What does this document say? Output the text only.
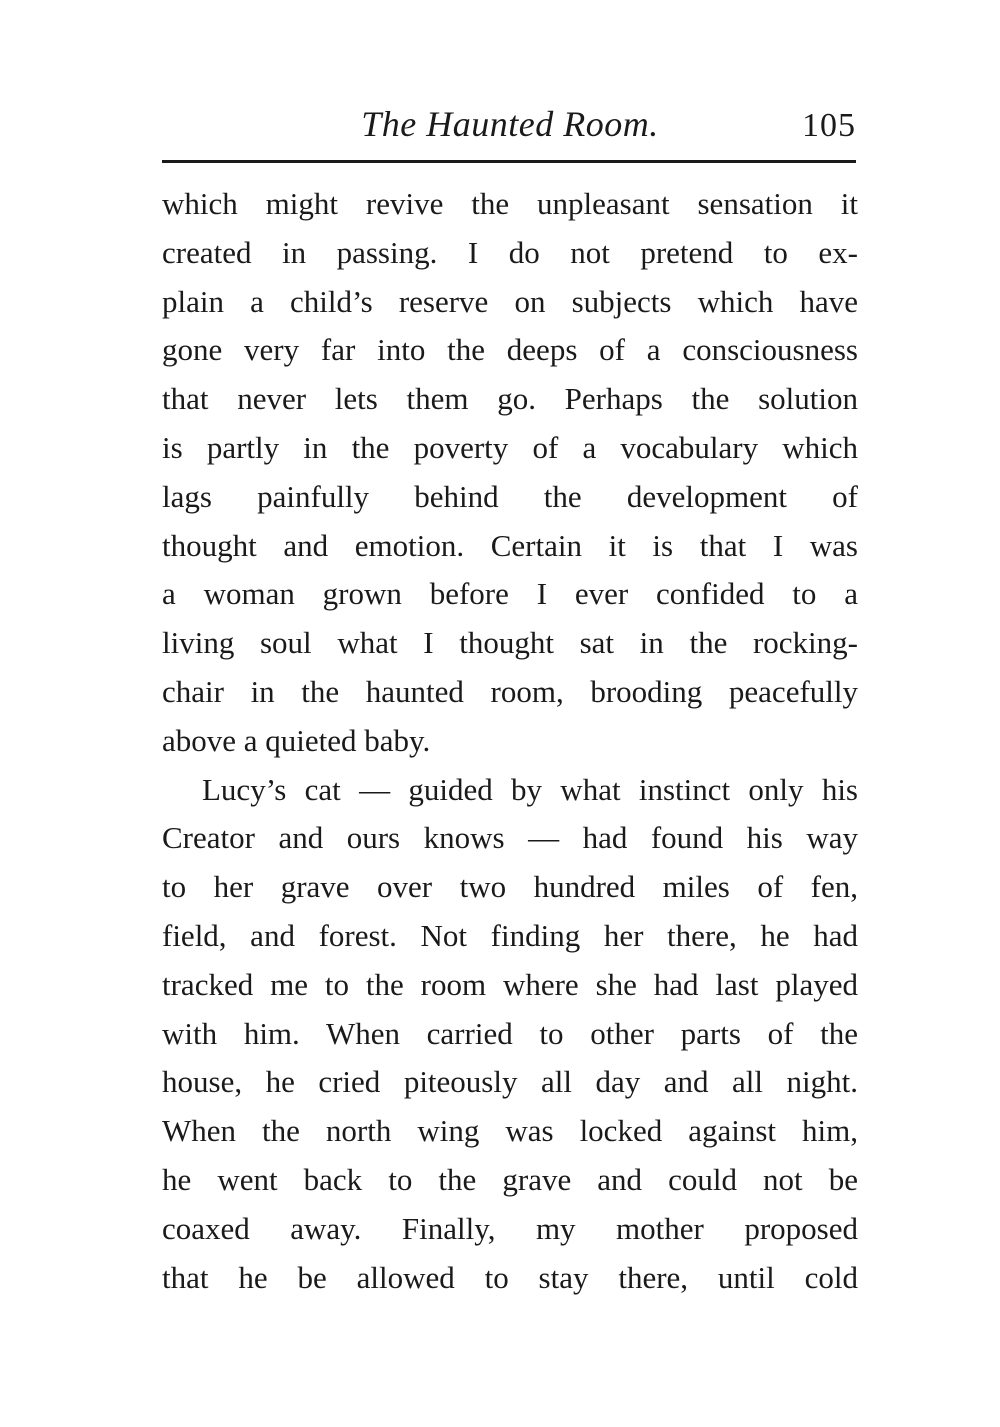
The Haunted Room.	105
which might revive the unpleasant sensation it
created in passing. I do not pretend to ex-
plain a child’s reserve on subjects which have
gone very far into the deeps of a consciousness
that never lets them go. Perhaps the solution
is partly in the poverty of a vocabulary which
lags painfully behind the development of
thought and emotion. Certain it is that I was
a woman grown before I ever confided to a
living soul what I thought sat in the rocking-
chair in the haunted room, brooding peacefully
above a quieted baby.
Lucy’s cat — guided by what instinct only his
Creator and ours knows — had found his way
to her grave over two hundred miles of fen,
field, and forest. Not finding her there, he had
tracked me to the room where she had last played
with him. When carried to other parts of the
house, he cried piteously all day and all night.
When the north wing was locked against him,
he went back to the grave and could not be
coaxed away. Finally, my mother proposed
that he be allowed to stay there, until cold
